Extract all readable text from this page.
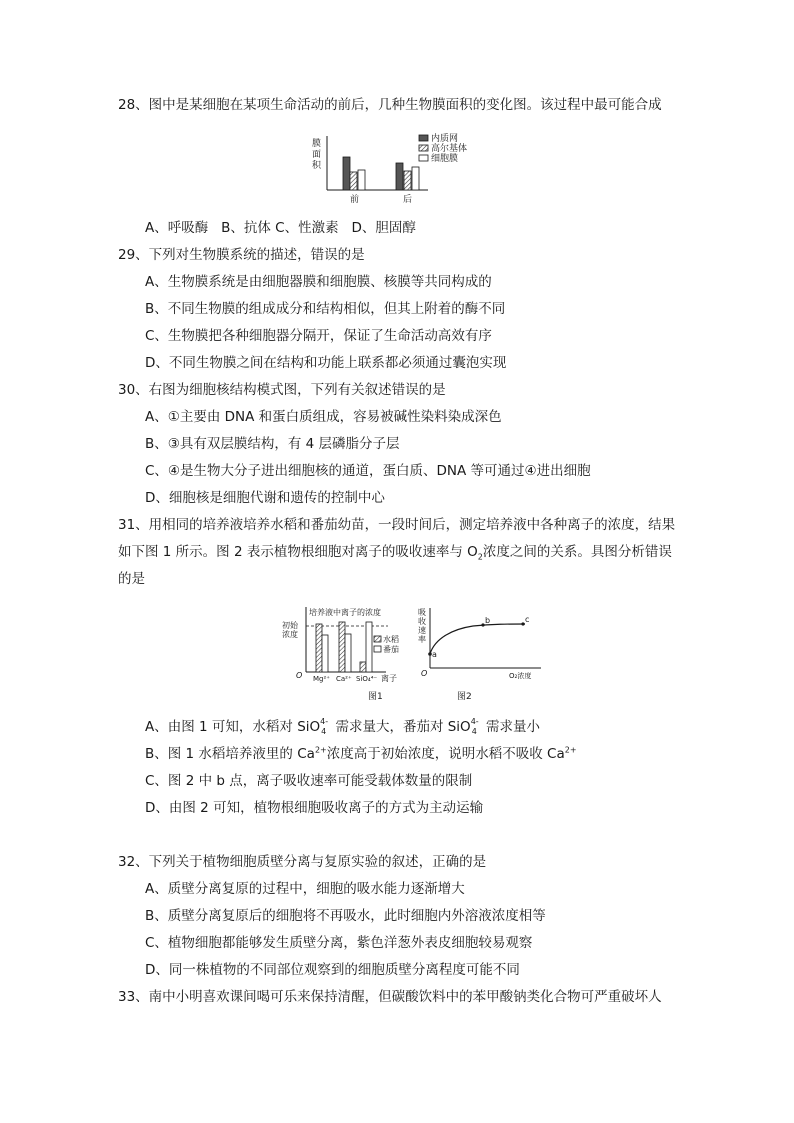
28、图中是某细胞在某项生命活动的前后，几种生物膜面积的变化图。该过程中最可能合成
膜
面
积
前	后
内质网
高尔基体
细胞膜
A、呼吸酶   B、抗体 C、性激素   D、胆固醇
29、下列对生物膜系统的描述，错误的是
A、生物膜系统是由细胞器膜和细胞膜、核膜等共同构成的
B、不同生物膜的组成成分和结构相似，但其上附着的酶不同
C、生物膜把各种细胞器分隔开，保证了生命活动高效有序
D、不同生物膜之间在结构和功能上联系都必须通过囊泡实现
30、右图为细胞核结构模式图，下列有关叙述错误的是
A、①主要由 DNA 和蛋白质组成，容易被碱性染料染成深色
B、③具有双层膜结构，有 4 层磷脂分子层
C、④是生物大分子进出细胞核的通道，蛋白质、DNA 等可通过④进出细胞
D、细胞核是细胞代谢和遗传的控制中心
31、用相同的培养液培养水稻和番茄幼苗，一段时间后，测定培养液中各种离子的浓度，结果如下图 1 所示。图 2 表示植物根细胞对离子的吸收速率与 $O_2$浓度之间的关系。具图分析错误的是
培养液中离子的浓度
初始
浓度
水稻
番茄
O Mg²⁺ Ca²⁺ SiO₄⁴⁻ 离子
图1
吸
收
速
率
a
b	c
O	O₂浓度
图2
A、由图 1 可知，水稻对 SiO 4-
4 需求量大，番茄对 SiO 4-
4 需求量小
B、图 1 水稻培养液里的 $Ca^{2+}$浓度高于初始浓度，说明水稻不吸收 $Ca^{2+}$
C、图 2 中 b 点，离子吸收速率可能受载体数量的限制
D、由图 2 可知，植物根细胞吸收离子的方式为主动运输
32、下列关于植物细胞质壁分离与复原实验的叙述，正确的是
A、质壁分离复原的过程中，细胞的吸水能力逐渐增大
B、质壁分离复原后的细胞将不再吸水，此时细胞内外溶液浓度相等
C、植物细胞都能够发生质壁分离，紫色洋葱外表皮细胞较易观察
D、同一株植物的不同部位观察到的细胞质壁分离程度可能不同
33、南中小明喜欢课间喝可乐来保持清醒，但碳酸饮料中的苯甲酸钠类化合物可严重破坏人
